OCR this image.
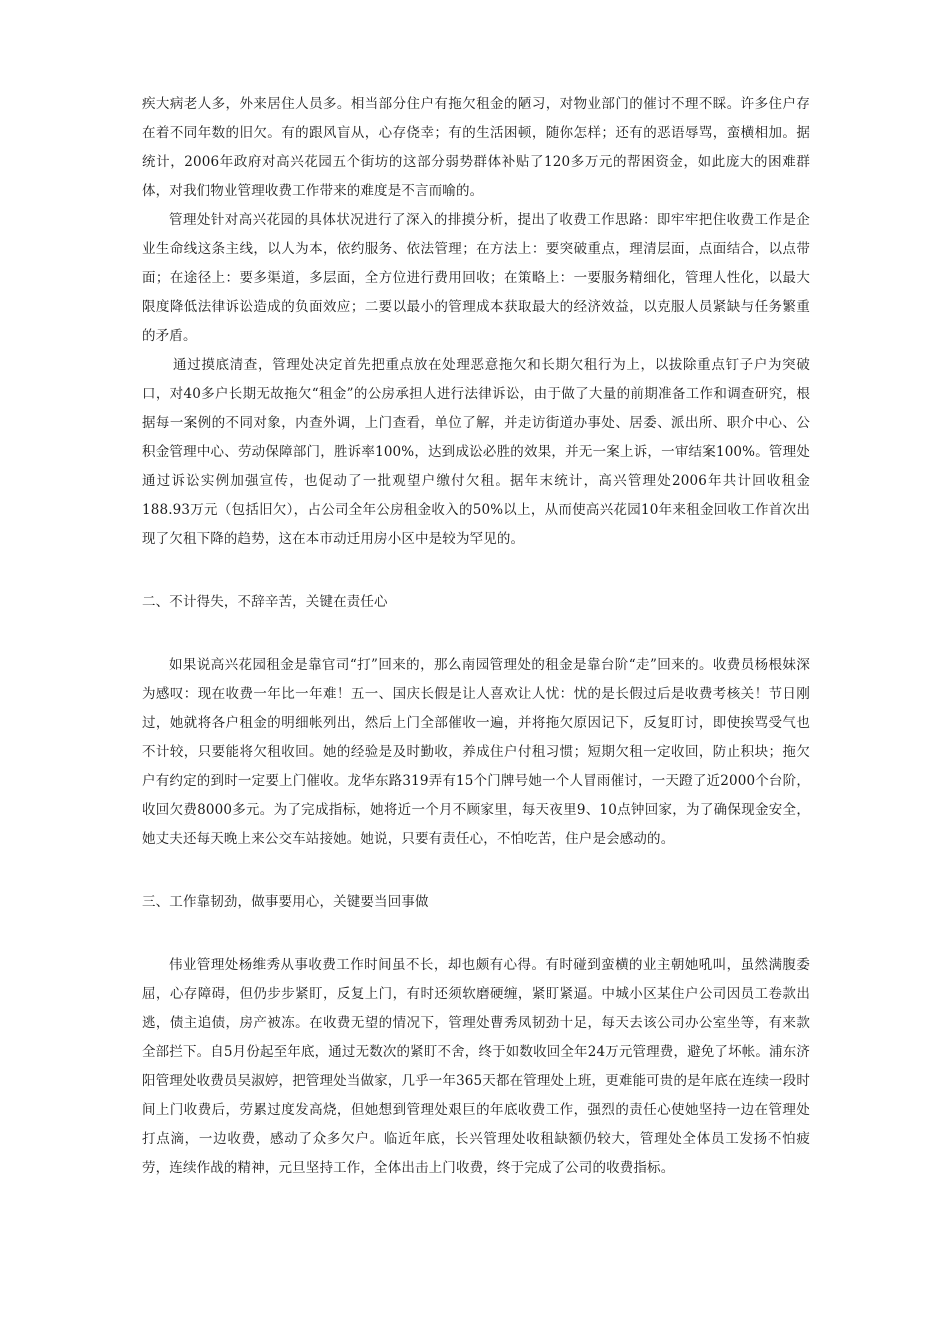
疾大病老人多，外来居住人员多。相当部分住户有拖欠租金的陋习，对物业部门的催讨不理不睬。许多住户存在着不同年数的旧欠。有的跟风盲从，心存侥幸；有的生活困顿，随你怎样；还有的恶语辱骂，蛮横相加。据统计，2006年政府对高兴花园五个街坊的这部分弱势群体补贴了120多万元的帮困资金，如此庞大的困难群体，对我们物业管理收费工作带来的难度是不言而喻的。

管理处针对高兴花园的具体状况进行了深入的排摸分析，提出了收费工作思路：即牢牢把住收费工作是企业生命线这条主线，以人为本，依约服务、依法管理；在方法上：要突破重点，理清层面，点面结合，以点带面；在途径上：要多渠道，多层面，全方位进行费用回收；在策略上：一要服务精细化，管理人性化，以最大限度降低法律诉讼造成的负面效应；二要以最小的管理成本获取最大的经济效益，以克服人员紧缺与任务繁重的矛盾。

通过摸底清查，管理处决定首先把重点放在处理恶意拖欠和长期欠租行为上，以拔除重点钉子户为突破口，对40多户长期无故拖欠“租金”的公房承担人进行法律诉讼，由于做了大量的前期准备工作和调查研究，根据每一案例的不同对象，内查外调，上门查看，单位了解，并走访街道办事处、居委、派出所、职介中心、公积金管理中心、劳动保障部门，胜诉率100%，达到成讼必胜的效果，并无一案上诉，一审结案100%。管理处通过诉讼实例加强宣传，也促动了一批观望户缴付欠租。据年末统计，高兴管理处2006年共计回收租金188.93万元（包括旧欠），占公司全年公房租金收入的50%以上，从而使高兴花园10年来租金回收工作首次出现了欠租下降的趋势，这在本市动迁用房小区中是较为罕见的。

二、不计得失，不辞辛苦，关键在责任心

如果说高兴花园租金是靠官司“打”回来的，那么南园管理处的租金是靠台阶“走”回来的。收费员杨根妹深为感叹：现在收费一年比一年难！五一、国庆长假是让人喜欢让人忧：忧的是长假过后是收费考核关！节日刚过，她就将各户租金的明细帐列出，然后上门全部催收一遍，并将拖欠原因记下，反复盯讨，即使挨骂受气也不计较，只要能将欠租收回。她的经验是及时勤收，养成住户付租习惯；短期欠租一定收回，防止积块；拖欠户有约定的到时一定要上门催收。龙华东路319弄有15个门牌号她一个人冒雨催讨，一天蹬了近2000个台阶，收回欠费8000多元。为了完成指标，她将近一个月不顾家里，每天夜里9、10点钟回家，为了确保现金安全，她丈夫还每天晚上来公交车站接她。她说，只要有责任心，不怕吃苦，住户是会感动的。

三、工作靠韧劲，做事要用心，关键要当回事做

伟业管理处杨维秀从事收费工作时间虽不长，却也颇有心得。有时碰到蛮横的业主朝她吼叫，虽然满腹委屈，心存障碍，但仍步步紧盯，反复上门，有时还须软磨硬缠，紧盯紧逼。中城小区某住户公司因员工卷款出逃，债主追债，房产被冻。在收费无望的情况下，管理处曹秀凤韧劲十足，每天去该公司办公室坐等，有来款全部拦下。自5月份起至年底，通过无数次的紧盯不舍，终于如数收回全年24万元管理费，避免了坏帐。浦东济阳管理处收费员吴淑婷，把管理处当做家，几乎一年365天都在管理处上班，更难能可贵的是年底在连续一段时间上门收费后，劳累过度发高烧，但她想到管理处艰巨的年底收费工作，强烈的责任心使她坚持一边在管理处打点滴，一边收费，感动了众多欠户。临近年底，长兴管理处收租缺额仍较大，管理处全体员工发扬不怕疲劳，连续作战的精神，元旦坚持工作，全体出击上门收费，终于完成了公司的收费指标。
